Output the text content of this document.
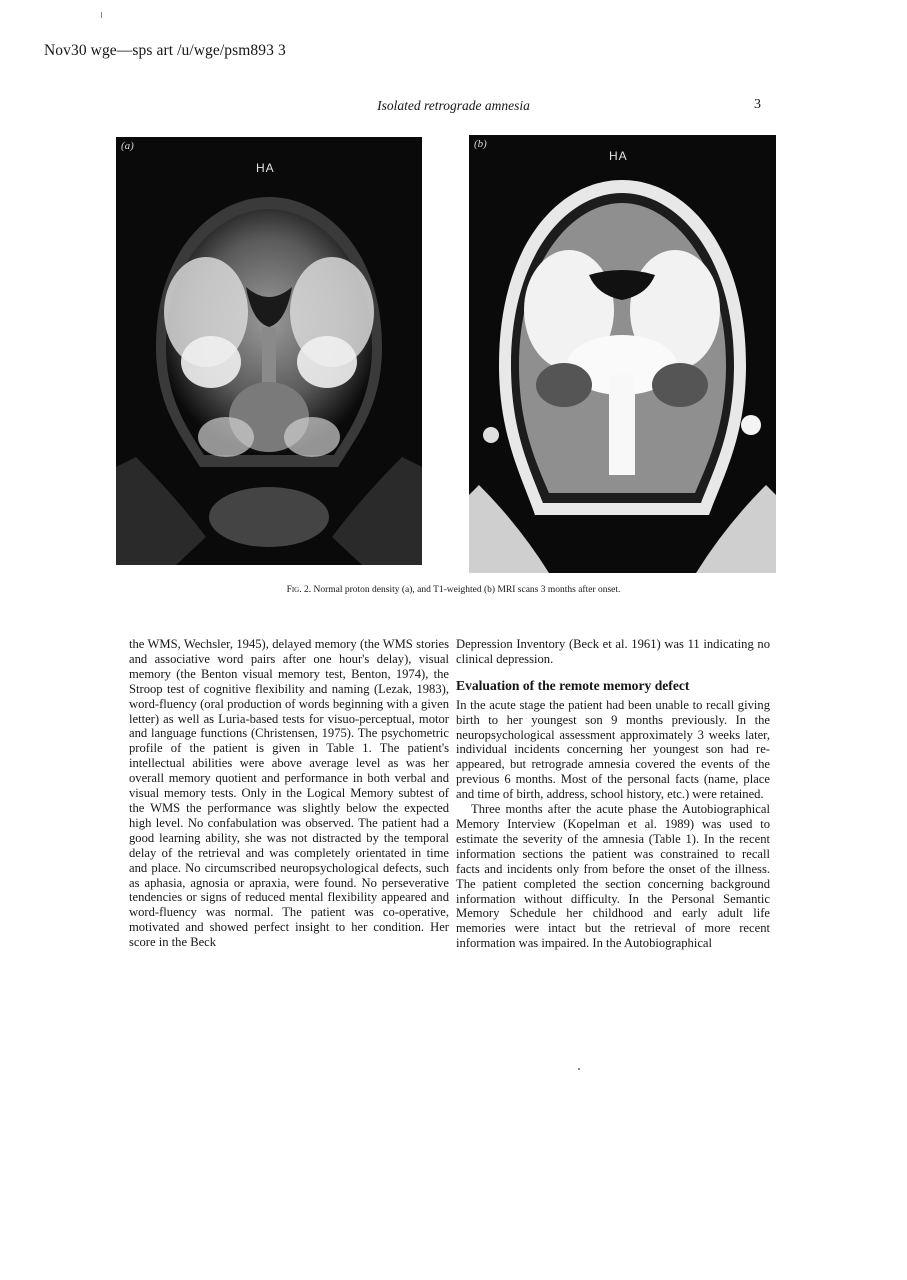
Nov30 wge—sps art /u/wge/psm893 3
Isolated retrograde amnesia	3
(a)
HA
(b)
HA
Fig. 2. Normal proton density (a), and T1-weighted (b) MRI scans 3 months after onset.

the WMS, Wechsler, 1945), delayed memory (the WMS stories and associative word pairs after one hour's delay), visual memory (the Benton visual memory test, Benton, 1974), the Stroop test of cognitive flexibility and naming (Lezak, 1983), word-fluency (oral production of words beginning with a given letter) as well as Luria-based tests for visuo-perceptual, motor and language functions (Christensen, 1975). The psychometric profile of the patient is given in Table 1. The patient's intellectual abilities were above average level as was her overall memory quotient and performance in both verbal and visual memory tests. Only in the Logical Memory subtest of the WMS the performance was slightly below the expected high level. No confabulation was observed. The patient had a good learning ability, she was not distracted by the temporal delay of the retrieval and was completely orientated in time and place. No circumscribed neuropsychological defects, such as aphasia, agnosia or apraxia, were found. No perseverative tendencies or signs of reduced mental flexibility appeared and word-fluency was normal. The patient was co-operative, motivated and showed perfect insight to her condition. Her score in the Beck

Depression Inventory (Beck et al. 1961) was 11 indicating no clinical depression.

Evaluation of the remote memory defect

In the acute stage the patient had been unable to recall giving birth to her youngest son 9 months previously. In the neuropsychological assessment approximately 3 weeks later, individual incidents concerning her youngest son had re-appeared, but retrograde amnesia covered the events of the previous 6 months. Most of the personal facts (name, place and time of birth, address, school history, etc.) were retained.

Three months after the acute phase the Autobiographical Memory Interview (Kopelman et al. 1989) was used to estimate the severity of the amnesia (Table 1). In the recent information sections the patient was constrained to recall facts and incidents only from before the onset of the illness. The patient completed the section concerning background information without difficulty. In the Personal Semantic Memory Schedule her childhood and early adult life memories were intact but the retrieval of more recent information was impaired. In the Autobiographical
